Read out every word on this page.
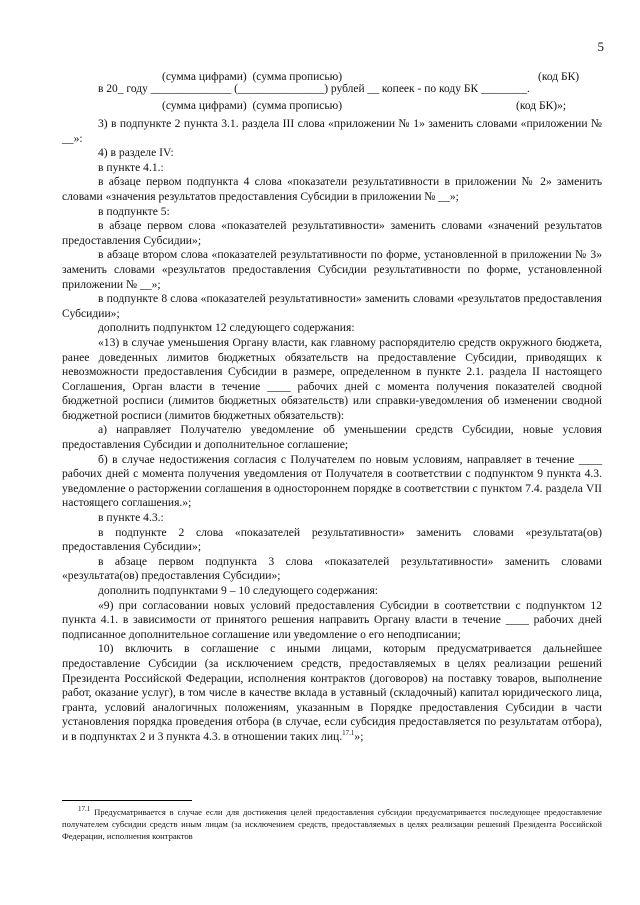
5
(сумма цифрами)  (сумма прописью)	(код БК)
в 20_ году ______________ (_______________) рублей __ копеек - по коду БК ________.
(сумма цифрами)  (сумма прописью)	(код БК)»;

3) в подпункте 2 пункта 3.1. раздела III слова «приложении № 1» заменить словами «приложении № __»:

4) в разделе IV:

в пункте 4.1.:

в абзаце первом подпункта 4 слова «показатели результативности в приложении № 2» заменить словами «значения результатов предоставления Субсидии в приложении № __»;

в подпункте 5:

в абзаце первом слова «показателей результативности» заменить словами «значений результатов предоставления Субсидии»;

в абзаце втором слова «показателей результативности по форме, установленной в приложении № 3» заменить словами «результатов предоставления Субсидии результативности по форме, установленной приложении № __»;

в подпункте 8 слова «показателей результативности» заменить словами «результатов предоставления Субсидии»;

дополнить подпунктом 12 следующего содержания:

«13) в случае уменьшения Органу власти, как главному распорядителю средств окружного бюджета, ранее доведенных лимитов бюджетных обязательств на предоставление Субсидии, приводящих к невозможности предоставления Субсидии в размере, определенном в пункте 2.1. раздела II настоящего Соглашения, Орган власти в течение ____ рабочих дней с момента получения показателей сводной бюджетной росписи (лимитов бюджетных обязательств) или справки-уведомления об изменении сводной бюджетной росписи (лимитов бюджетных обязательств):

а) направляет Получателю уведомление об уменьшении средств Субсидии, новые условия предоставления Субсидии и дополнительное соглашение;

б) в случае недостижения согласия с Получателем по новым условиям, направляет в течение ____ рабочих дней с момента получения уведомления от Получателя в соответствии с подпунктом 9 пункта 4.3. уведомление о расторжении соглашения в одностороннем порядке в соответствии с пунктом 7.4. раздела VII настоящего соглашения.»;

в пункте 4.3.:

в подпункте 2 слова «показателей результативности» заменить словами «результата(ов) предоставления Субсидии»;

в абзаце первом подпункта 3 слова «показателей результативности» заменить словами «результата(ов) предоставления Субсидии»;

дополнить подпунктами 9 – 10 следующего содержания:

«9) при согласовании новых условий предоставления Субсидии в соответствии с подпунктом 12 пункта 4.1. в зависимости от принятого решения направить Органу власти в течение ____ рабочих дней подписанное дополнительное соглашение или уведомление о его неподписании;

10) включить в соглашение с иными лицами, которым предусматривается дальнейшее предоставление Субсидии (за исключением средств, предоставляемых в целях реализации решений Президента Российской Федерации, исполнения контрактов (договоров) на поставку товаров, выполнение работ, оказание услуг), в том числе в качестве вклада в уставный (складочный) капитал юридического лица, гранта, условий аналогичных положениям, указанным в Порядке предоставления Субсидии в части установления порядка проведения отбора (в случае, если субсидия предоставляется по результатам отбора), и в подпунктах 2 и 3 пункта 4.3. в отношении таких лиц.$^{17.1}$»;

$^{17.1}$ Предусматривается в случае если для достижения целей предоставления субсидии предусматривается последующее предоставление получателем субсидии средств иным лицам (за исключением средств, предоставляемых в целях реализации решений Президента Российской Федерации, исполнения контрактов
